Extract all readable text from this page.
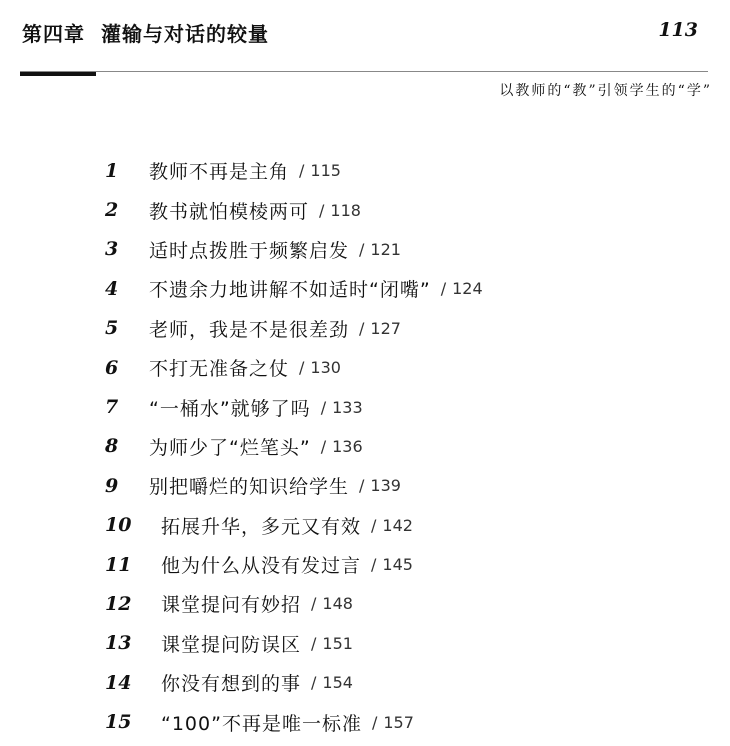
第四章 灌输与对话的较量	113
以教师的“教”引领学生的“学”
1	教师不再是主角 / 115
2	教书就怕模棱两可 / 118
3	适时点拨胜于频繁启发 / 121
4	不遗余力地讲解不如适时“闭嘴” / 124
5	老师，我是不是很差劲 / 127
6	不打无准备之仗 / 130
7	“一桶水”就够了吗 / 133
8	为师少了“烂笔头” / 136
9	别把嚼烂的知识给学生 / 139
10	拓展升华，多元又有效 / 142
11	他为什么从没有发过言 / 145
12	课堂提问有妙招 / 148
13	课堂提问防误区 / 151
14	你没有想到的事 / 154
15	“100”不再是唯一标准 / 157
